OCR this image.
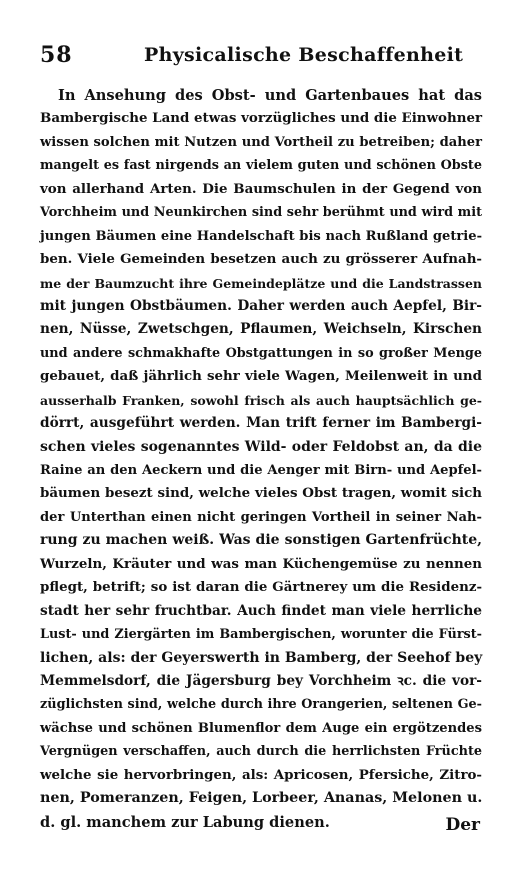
58	Physicalische Beschaffenheit
In Ansehung des Obst- und Gartenbaues hat das
Bambergische Land etwas vorzügliches und die Einwohner
wissen solchen mit Nutzen und Vortheil zu betreiben; daher
mangelt es fast nirgends an vielem guten und schönen Obste
von allerhand Arten. Die Baumschulen in der Gegend von
Vorchheim und Neunkirchen sind sehr berühmt und wird mit
jungen Bäumen eine Handelschaft bis nach Rußland getrie-
ben. Viele Gemeinden besetzen auch zu grösserer Aufnah-
me der Baumzucht ihre Gemeindeplätze und die Landstrassen
mit jungen Obstbäumen. Daher werden auch Aepfel, Bir-
nen, Nüsse, Zwetschgen, Pflaumen, Weichseln, Kirschen
und andere schmakhafte Obstgattungen in so großer Menge
gebauet, daß jährlich sehr viele Wagen, Meilenweit in und
ausserhalb Franken, sowohl frisch als auch hauptsächlich ge-
dörrt, ausgeführt werden. Man trift ferner im Bambergi-
schen vieles sogenanntes Wild- oder Feldobst an, da die
Raine an den Aeckern und die Aenger mit Birn- und Aepfel-
bäumen besezt sind, welche vieles Obst tragen, womit sich
der Unterthan einen nicht geringen Vortheil in seiner Nah-
rung zu machen weiß. Was die sonstigen Gartenfrüchte,
Wurzeln, Kräuter und was man Küchengemüse zu nennen
pflegt, betrift; so ist daran die Gärtnerey um die Residenz-
stadt her sehr fruchtbar. Auch findet man viele herrliche
Lust- und Ziergärten im Bambergischen, worunter die Fürst-
lichen, als: der Geyerswerth in Bamberg, der Seehof bey
Memmelsdorf, die Jägersburg bey Vorchheim ꝛc. die vor-
züglichsten sind, welche durch ihre Orangerien, seltenen Ge-
wächse und schönen Blumenflor dem Auge ein ergötzendes
Vergnügen verschaffen, auch durch die herrlichsten Früchte
welche sie hervorbringen, als: Apricosen, Pfersiche, Zitro-
nen, Pomeranzen, Feigen, Lorbeer, Ananas, Melonen u.
d. gl. manchem zur Labung dienen.	Der
